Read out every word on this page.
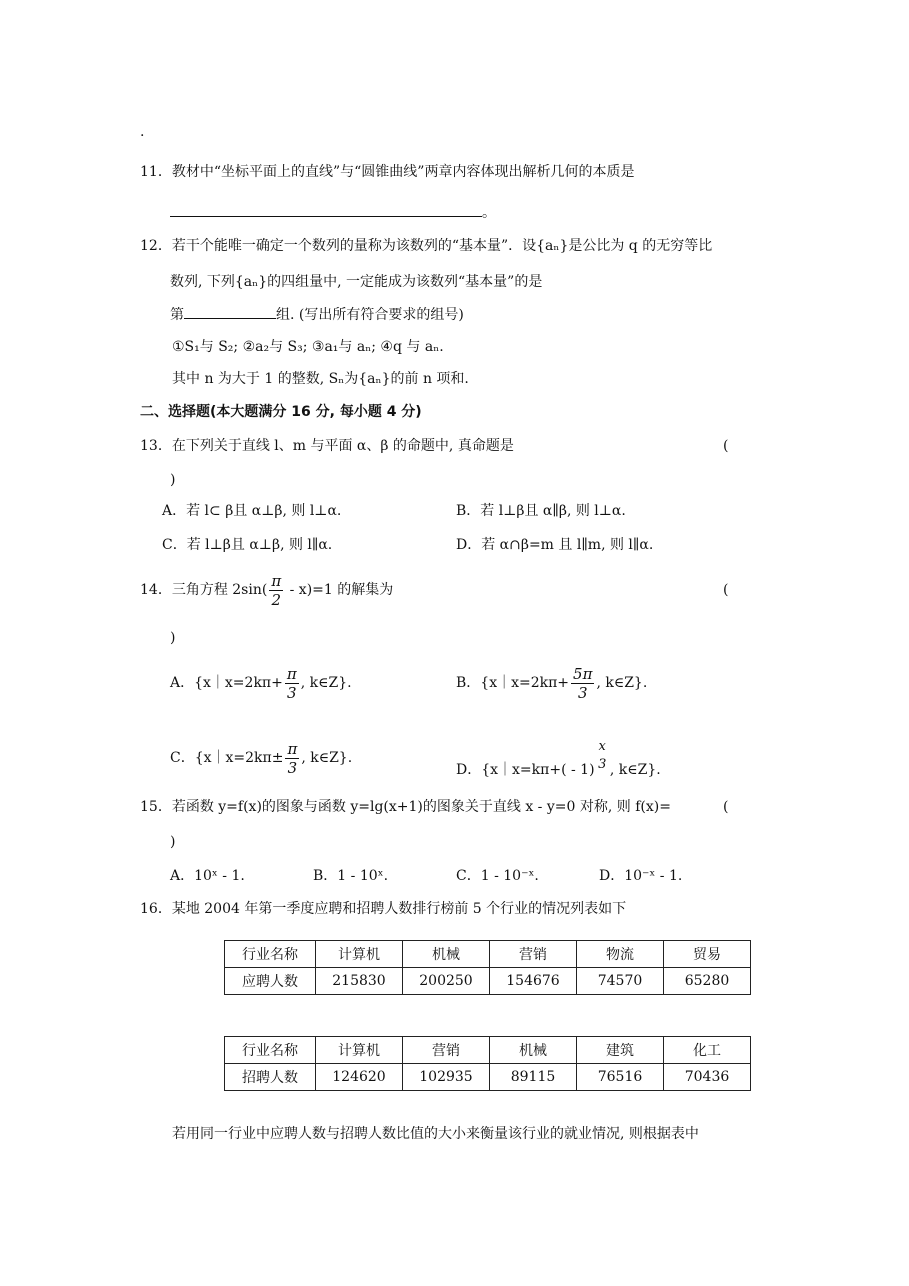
.
11．教材中“坐标平面上的直线”与“圆锥曲线”两章内容体现出解析几何的本质是
。
12．若干个能唯一确定一个数列的量称为该数列的“基本量”．设{aₙ}是公比为 q 的无穷等比
数列, 下列{aₙ}的四组量中, 一定能成为该数列“基本量”的是
第	组. (写出所有符合要求的组号)
①S₁与 S₂; ②a₂与 S₃; ③a₁与 aₙ; ④q 与 aₙ.
其中 n 为大于 1 的整数, Sₙ为{aₙ}的前 n 项和.
二、选择题(本大题满分 16 分, 每小题 4 分)
13．在下列关于直线 l、m 与平面 α、β 的命题中, 真命题是	(
)
A．若 l⊂ β且 α⊥β, 则 l⊥α.	B．若 l⊥β且 α∥β, 则 l⊥α.
C．若 l⊥β且 α⊥β, 则 l∥α.	D．若 α∩β=m 且 l∥m, 则 l∥α.
14．三角方程 $2\sin( \frac{\pi}{2} - x)=1$ 的解集为	(
)
A．{x｜x=2kπ+ $\frac{\pi}{3}$ , k∈Z}.	B．{x｜x=2kπ+ $\frac{5\pi}{3}$ , k∈Z}.
C．{x｜x=2kπ± $\frac{\pi}{3}$ , k∈Z}.
D．{x｜x=kπ+( - 1)
x
3 , k∈Z}.
15．若函数 y=f(x)的图象与函数 y=lg(x+1)的图象关于直线 x - y=0 对称, 则 f(x)=	(
)
A．10ˣ - 1.	B．1 - 10ˣ.	C．1 - 10⁻ˣ.	D．10⁻ˣ - 1.
16．某地 2004 年第一季度应聘和招聘人数排行榜前 5 个行业的情况列表如下
行业名称	计算机	机械	营销	物流	贸易
应聘人数	215830	200250	154676	74570	65280
行业名称	计算机	营销	机械	建筑	化工
招聘人数	124620	102935	89115	76516	70436
若用同一行业中应聘人数与招聘人数比值的大小来衡量该行业的就业情况, 则根据表中
